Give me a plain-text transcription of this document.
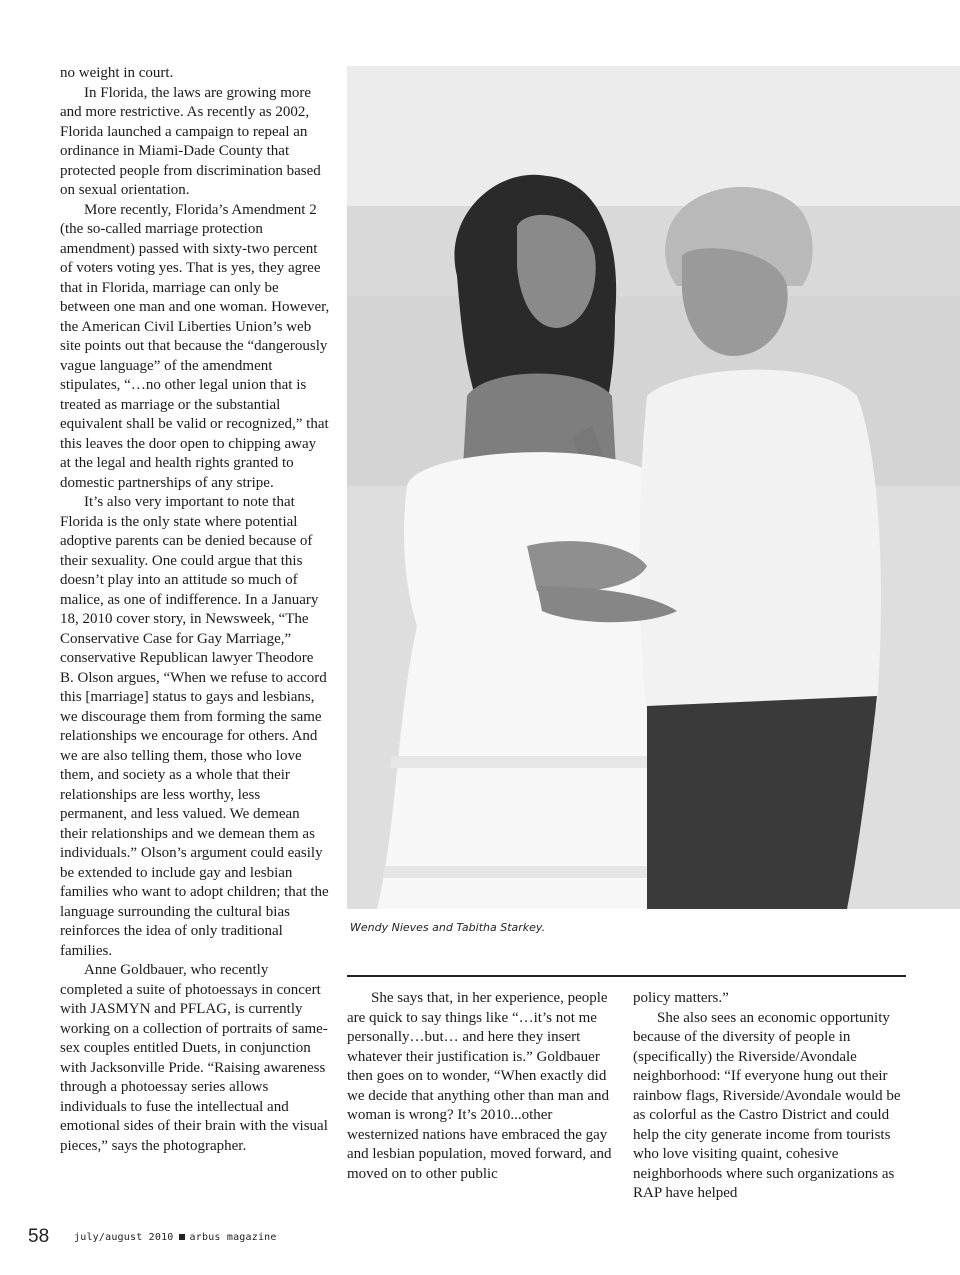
no weight in court.

In Florida, the laws are growing more and more restrictive. As recently as 2002, Florida launched a campaign to repeal an ordinance in Miami-Dade County that protected people from discrimination based on sexual orientation.

More recently, Florida’s Amendment 2 (the so-called marriage protection amendment) passed with sixty-two percent of voters voting yes. That is yes, they agree that in Florida, marriage can only be between one man and one woman. However, the American Civil Liberties Union’s web site points out that because the “dangerously vague language” of the amendment stipulates, “…no other legal union that is treated as marriage or the substantial equivalent shall be valid or recognized,” that this leaves the door open to chipping away at the legal and health rights granted to domestic partnerships of any stripe.

It’s also very important to note that Florida is the only state where potential adoptive parents can be denied because of their sexuality. One could argue that this doesn’t play into an attitude so much of malice, as one of indifference. In a January 18, 2010 cover story, in Newsweek, “The Conservative Case for Gay Marriage,” conservative Republican lawyer Theodore B. Olson argues, “When we refuse to accord this [marriage] status to gays and lesbians, we discourage them from forming the same relationships we encourage for others. And we are also telling them, those who love them, and society as a whole that their relationships are less worthy, less permanent, and less valued. We demean their relationships and we demean them as individuals.” Olson’s argument could easily be extended to include gay and lesbian families who want to adopt children; that the language surrounding the cultural bias reinforces the idea of only traditional families.

Anne Goldbauer, who recently completed a suite of photoessays in concert with JASMYN and PFLAG, is currently working on a collection of portraits of same-sex couples entitled Duets, in conjunction with Jacksonville Pride. “Raising awareness through a photoessay series allows individuals to fuse the intellectual and emotional sides of their brain with the visual pieces,” says the photographer.

Wendy Nieves and Tabitha Starkey.

She says that, in her experience, people are quick to say things like “…it’s not me personally…but… and here they insert whatever their justification is.” Goldbauer then goes on to wonder, “When exactly did we decide that anything other than man and woman is wrong? It’s 2010...other westernized nations have embraced the gay and lesbian population, moved forward, and moved on to other public

policy matters.”

She also sees an economic opportunity because of the diversity of people in (specifically) the Riverside/Avondale neighborhood: “If everyone hung out their rainbow flags, Riverside/Avondale would be as colorful as the Castro District and could help the city generate income from tourists who love visiting quaint, cohesive neighborhoods where such organizations as RAP have helped

58 july/august 2010 arbus magazine
